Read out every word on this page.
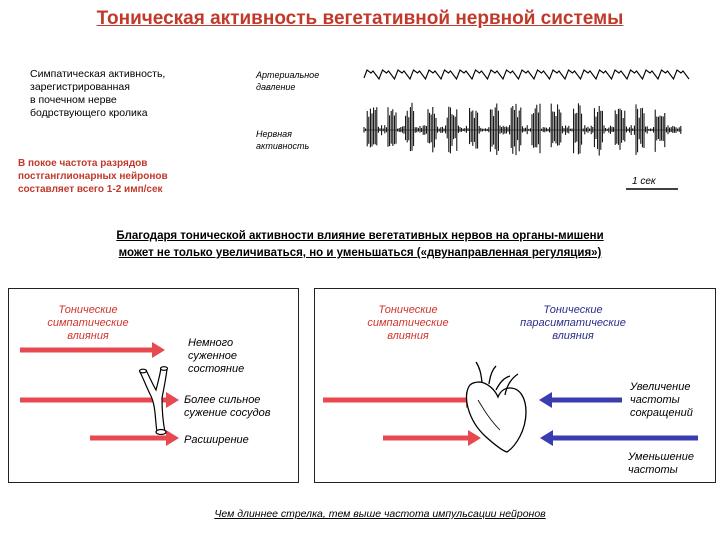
Тоническая активность вегетативной нервной системы
Симпатическая активность,
зарегистрированная
в почечном нерве
бодрствующего кролика
Артериальное
давление
Нервная
активность
В покое частота разрядов
постганглионарных нейронов
составляет всего 1-2 имп/сек
1 сек
Благодаря тонической активности влияние вегетативных нервов на органы-мишени
может не только увеличиваться, но и уменьшаться («двунаправленная регуляция»)
Тонические
симпатические
влияния
Немного
суженное
состояние
Более сильное
сужение сосудов
Расширение
Тонические
симпатические
влияния
Тонические
парасимпатические
влияния
Увеличение
частоты
сокращений
Уменьшение
частоты
Чем длиннее стрелка, тем выше частота импульсации нейронов
